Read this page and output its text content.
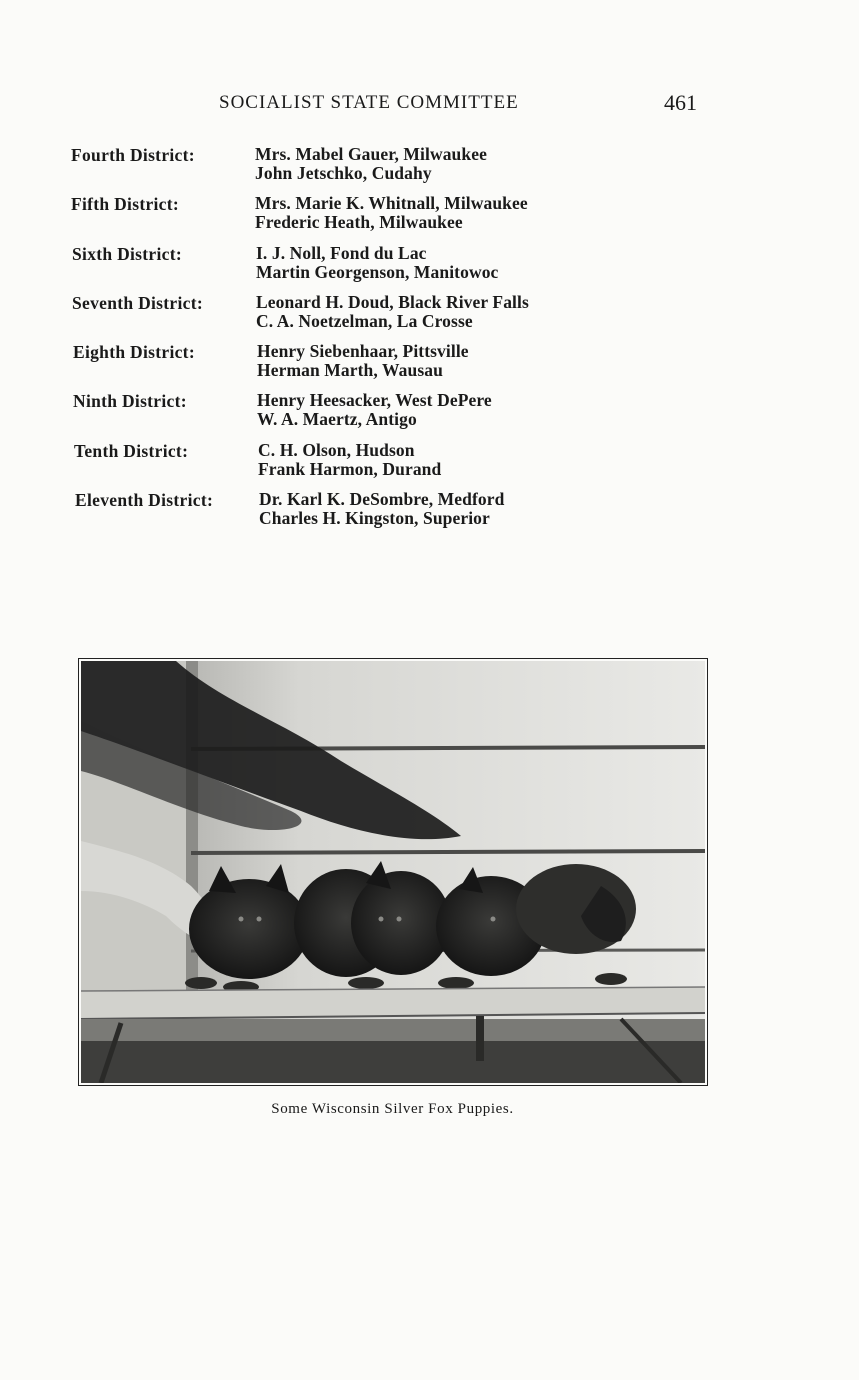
SOCIALIST STATE COMMITTEE	461
Fourth District:	Mrs. Mabel Gauer, Milwaukee
John Jetschko, Cudahy
Fifth District:	Mrs. Marie K. Whitnall, Milwaukee
Frederic Heath, Milwaukee
Sixth District:	I. J. Noll, Fond du Lac
Martin Georgenson, Manitowoc
Seventh District:	Leonard H. Doud, Black River Falls
C. A. Noetzelman, La Crosse
Eighth District:	Henry Siebenhaar, Pittsville
Herman Marth, Wausau
Ninth District:	Henry Heesacker, West DePere
W. A. Maertz, Antigo
Tenth District:	C. H. Olson, Hudson
Frank Harmon, Durand
Eleventh District:	Dr. Karl K. DeSombre, Medford
Charles H. Kingston, Superior
Some Wisconsin Silver Fox Puppies.
